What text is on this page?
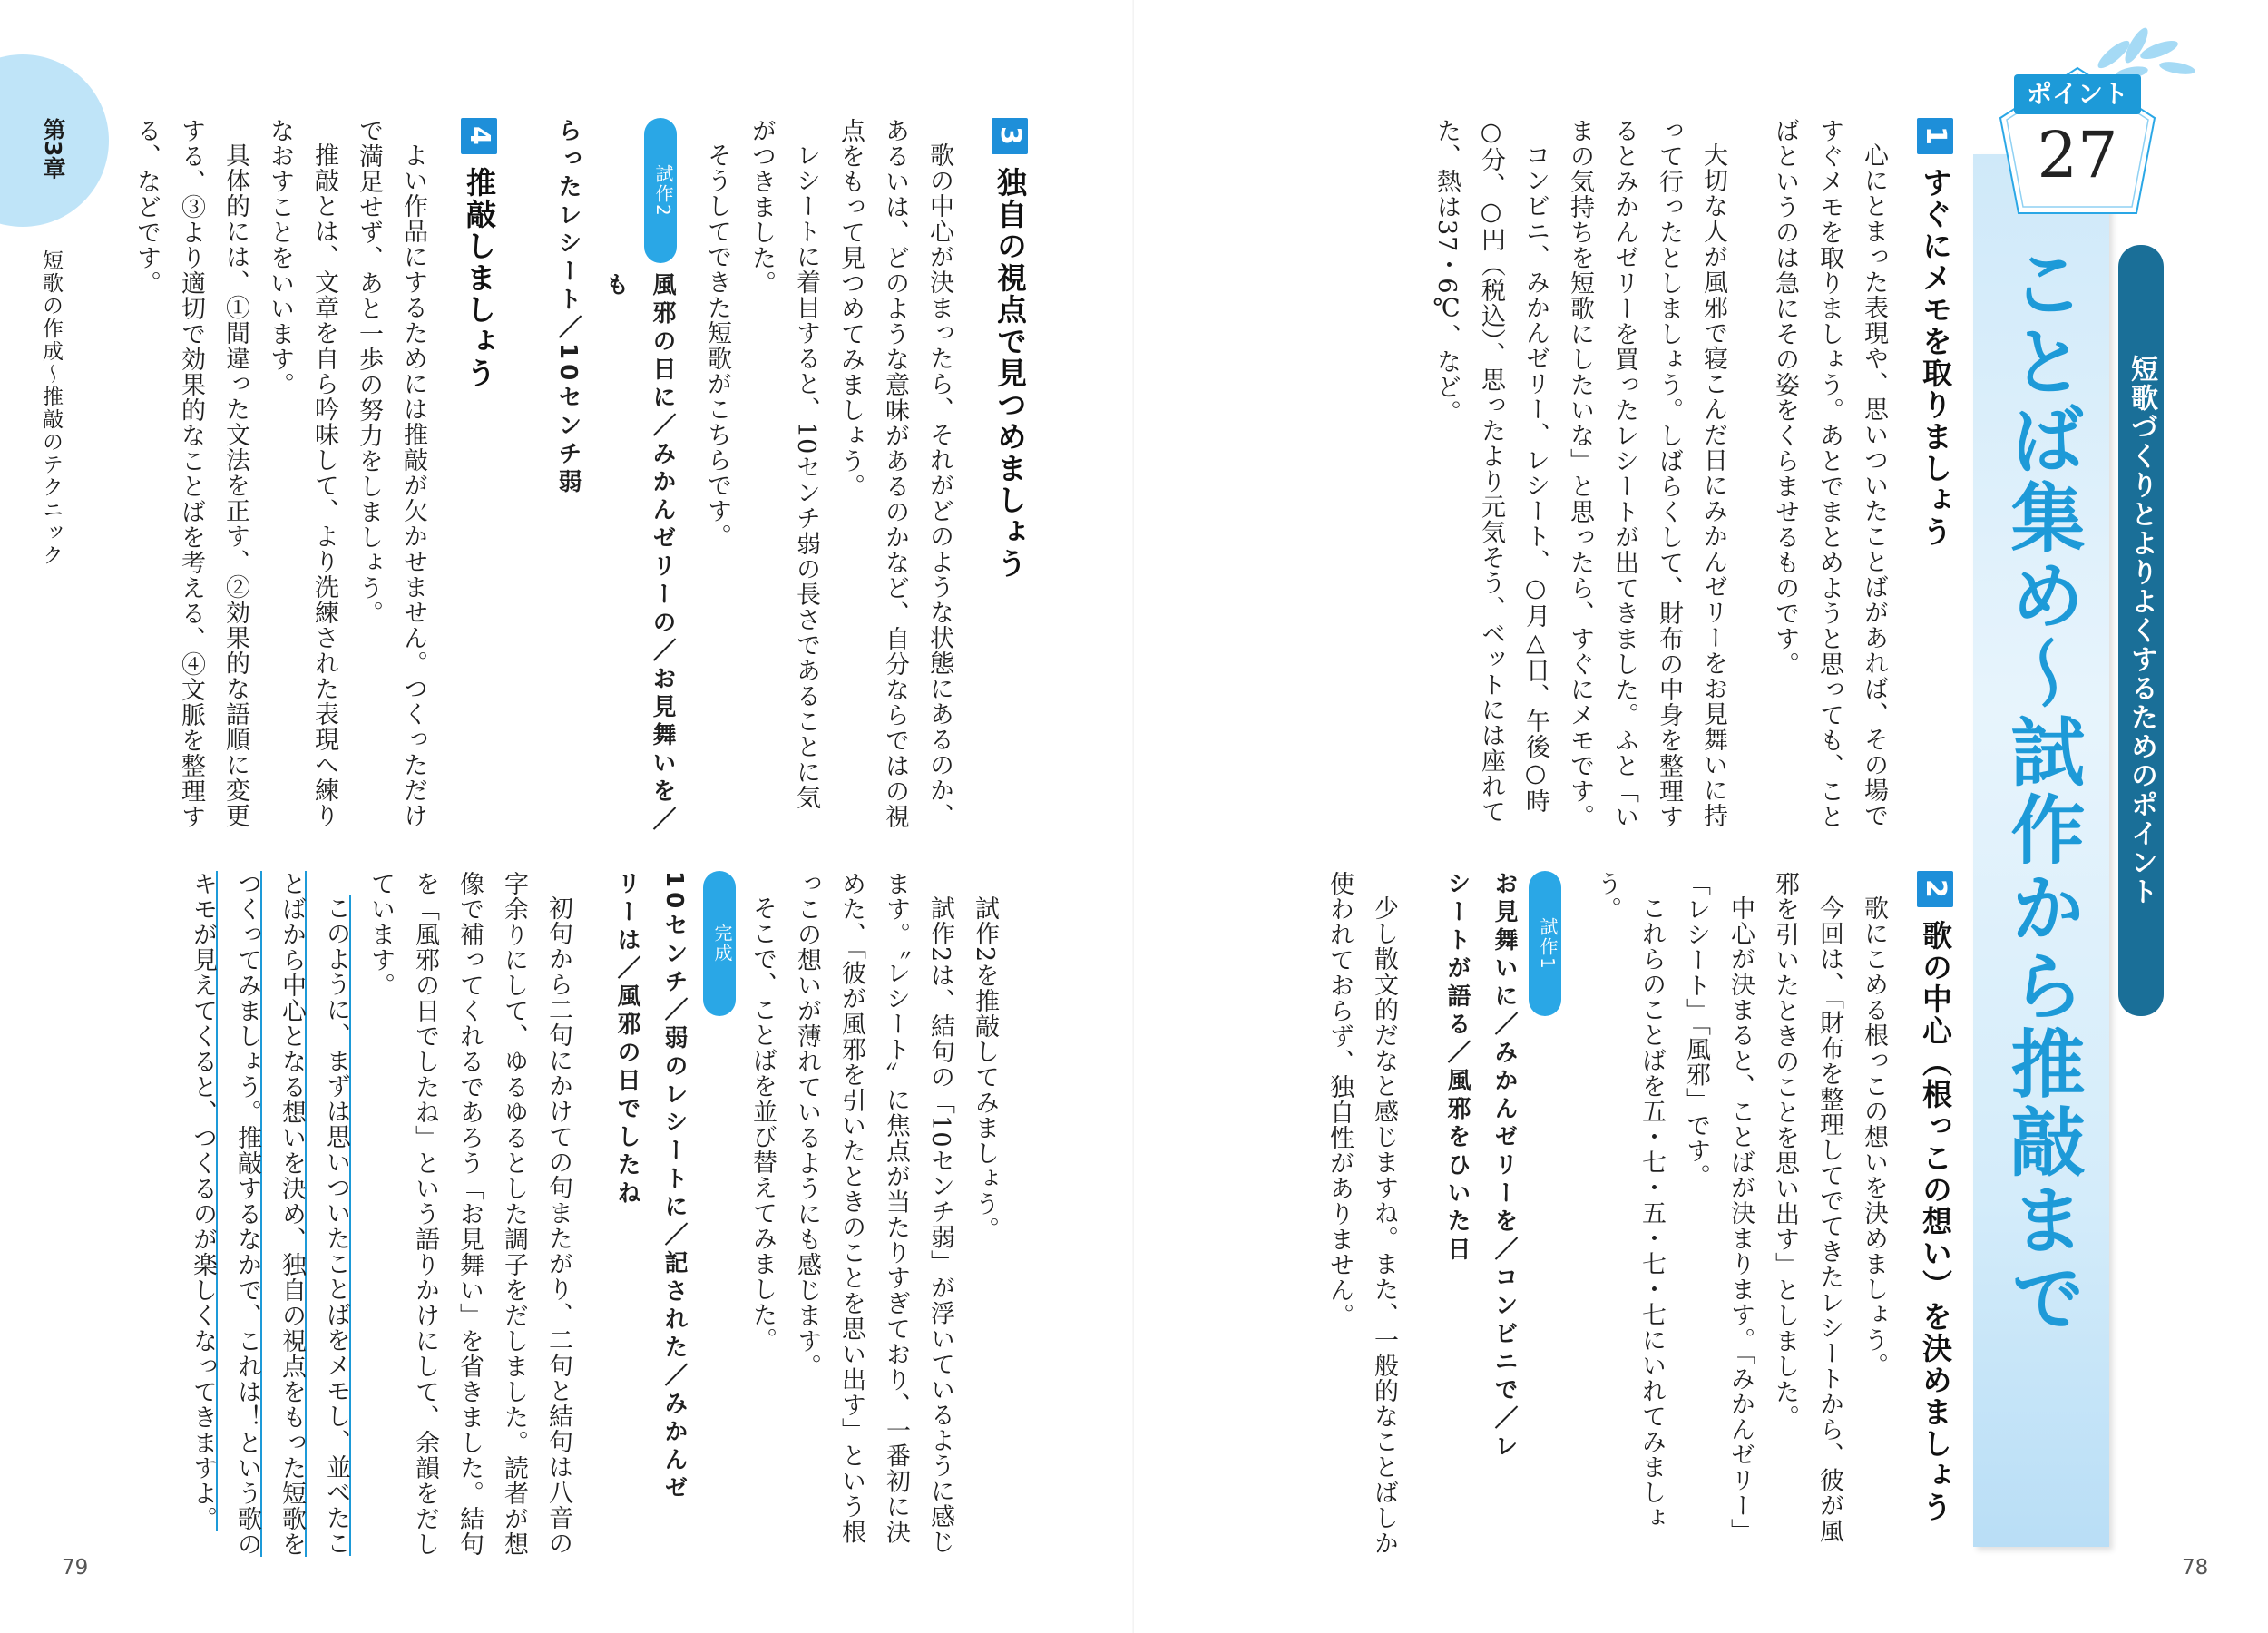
第3章
短歌の作成～推敲のテクニック
3独自の視点で見つめましょう

歌の中心が決まったら、それがどのような状態にあるのか、あるいは、どのような意味があるのかなど、自分ならではの視点をもって見つめてみましょう。

レシートに着目すると、10センチ弱の長さであることに気がつきました。

そうしてできた短歌がこちらです。

試作2
風邪の日に／みかんゼリーの／お見舞いを／も
らったレシート／10センチ弱
4推敲しましょう

よい作品にするためには推敲が欠かせません。つくっただけで満足せず、あと一歩の努力をしましょう。

推敲とは、文章を自ら吟味して、より洗練された表現へ練りなおすことをいいます。

具体的には、①間違った文法を正す、②効果的な語順に変更する、③より適切で効果的なことばを考える、④文脈を整理する、などです。

試作2を推敲してみましょう。

試作2は、結句の「10センチ弱」が浮いているように感じます。〝レシート〟に焦点が当たりすぎており、一番初に決めた、「彼が風邪を引いたときのことを思い出す」という根っこの想いが薄れているようにも感じます。

そこで、ことばを並び替えてみました。

完成
10センチ／弱のレシートに／記された／みかんゼ
リーは／風邪の日でしたね

初句から二句にかけての句またがり、二句と結句は八音の字余りにして、ゆるゆるとした調子をだしました。読者が想像で補ってくれるであろう「お見舞い」を省きました。結句を「風邪の日でしたね」という語りかけにして、余韻をだしています。

このように、まずは思いついたことばをメモし、並べたことばから中心となる想いを決め、独自の視点をもった短歌をつくってみましょう。推敲するなかで、これは！という歌のキモが見えてくると、つくるのが楽しくなってきますよ。

79
ポイント
27
ことば集め～試作から推敲まで 短歌づくりとよりよくするためのポイント
1すぐにメモを取りましょう

心にとまった表現や、思いついたことばがあれば、その場ですぐメモを取りましょう。あとでまとめようと思っても、ことばというのは急にその姿をくらませるものです。

大切な人が風邪で寝こんだ日にみかんゼリーをお見舞いに持って行ったとしましょう。しばらくして、財布の中身を整理するとみかんゼリーを買ったレシートが出てきました。ふと「いまの気持ちを短歌にしたいな」と思ったら、すぐにメモです。

コンビニ、みかんゼリー、レシート、○月△日、午後○時○分、○円（税込）、思ったより元気そう、ベットには座れてた、熱は37・6℃、など。

2歌の中心（根っこの想い）を決めましょう

歌にこめる根っこの想いを決めましょう。

今回は、「財布を整理してでてきたレシートから、彼が風邪を引いたときのことを思い出す」としました。

中心が決まると、ことばが決まります。「みかんゼリー」「レシート」「風邪」です。

これらのことばを五・七・五・七・七にいれてみましょう。

試作1
お見舞いに／みかんゼリーを／コンビニで／レ
シートが語る／風邪をひいた日

少し散文的だなと感じますね。また、一般的なことばしか使われておらず、独自性がありません。

78
